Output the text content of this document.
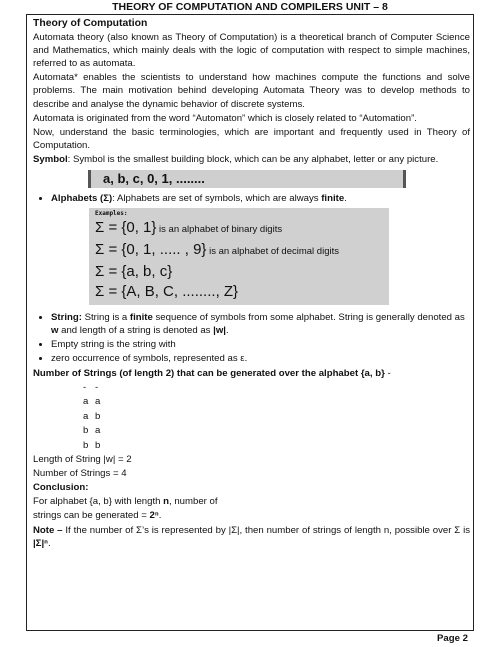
THEORY OF COMPUTATION AND COMPILERS UNIT – 8
Theory of Computation

Automata theory (also known as Theory of Computation) is a theoretical branch of Computer Science and Mathematics, which mainly deals with the logic of computation with respect to simple machines, referred to as automata.

Automata* enables the scientists to understand how machines compute the functions and solve problems. The main motivation behind developing Automata Theory was to develop methods to describe and analyse the dynamic behavior of discrete systems.

Automata is originated from the word “Automaton” which is closely related to “Automation”.

Now, understand the basic terminologies, which are important and frequently used in Theory of Computation.

Symbol: Symbol is the smallest building block, which can be any alphabet, letter or any picture.

a, b, c, 0, 1, ........
• Alphabets (Σ): Alphabets are set of symbols, which are always finite.
Examples:
Σ = {0, 1} is an alphabet of binary digits
Σ = {0, 1, ..... , 9} is an alphabet of decimal digits
Σ = {a, b, c}
Σ = {A, B, C, ........, Z}
• String: String is a finite sequence of symbols from some alphabet. String is generally denoted as w and length of a string is denoted as |w|.
• Empty string is the string with
• zero occurrence of symbols, represented as ε.

Number of Strings (of length 2) that can be generated over the alphabet {a, b} -

- -
a a
a b
b a
b b

Length of String |w| = 2

Number of Strings = 4

Conclusion:

For alphabet {a, b} with length n, number of

strings can be generated = 2ⁿ.

Note – If the number of Σ’s is represented by |Σ|, then number of strings of length n, possible over Σ is |Σ|ⁿ.

Page 2
